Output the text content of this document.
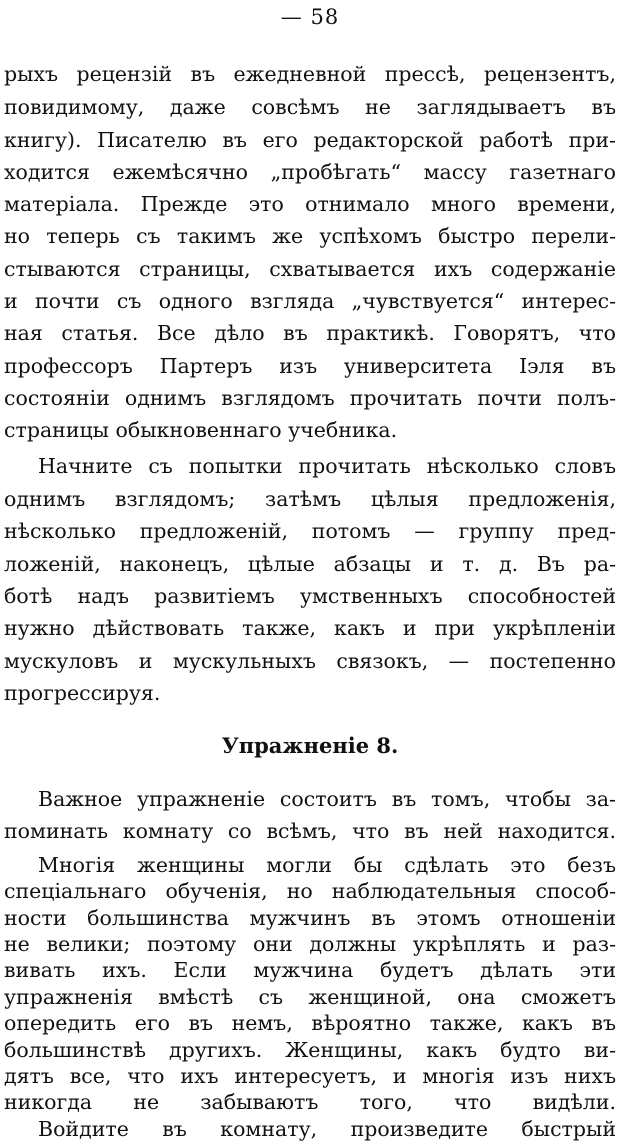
— 58
рыхъ рецензій въ ежедневной прессѣ, рецензентъ,
повидимому, даже совсѣмъ не заглядываетъ въ
книгу). Писателю въ его редакторской работѣ при-
ходится ежемѣсячно „пробѣгать“ массу газетнаго
матеріала. Прежде это отнимало много времени,
но теперь съ такимъ же успѣхомъ быстро перели-
стываются страницы, схватывается ихъ содержаніе
и почти съ одного взгляда „чувствуется“ интерес-
ная статья. Все дѣло въ практикѣ. Говорятъ, что
профессоръ Партеръ изъ университета Іэля въ
состояніи однимъ взглядомъ прочитать почти полъ-
страницы обыкновеннаго учебника.
Начните съ попытки прочитать нѣсколько словъ
однимъ взглядомъ; затѣмъ цѣлыя предложенія,
нѣсколько предложеній, потомъ — группу пред-
ложеній, наконецъ, цѣлые абзацы и т. д. Въ ра-
ботѣ надъ развитіемъ умственныхъ способностей
нужно дѣйствовать также, какъ и при укрѣпленіи
мускуловъ и мускульныхъ связокъ, — постепенно
прогрессируя.
Упражненіе 8.
Важное упражненіе состоитъ въ томъ, чтобы за-
поминать комнату со всѣмъ, что въ ней находится.
Многія женщины могли бы сдѣлать это безъ
спеціальнаго обученія, но наблюдательныя способ-
ности большинства мужчинъ въ этомъ отношеніи
не велики; поэтому они должны укрѣплять и раз-
вивать ихъ. Если мужчина будетъ дѣлать эти
упражненія вмѣстѣ съ женщиной, она сможетъ
опередить его въ немъ, вѣроятно также, какъ въ
большинствѣ другихъ. Женщины, какъ будто ви-
дятъ все, что ихъ интересуетъ, и многія изъ нихъ
никогда не забываютъ того, что видѣли.
Войдите въ комнату, произведите быстрый
